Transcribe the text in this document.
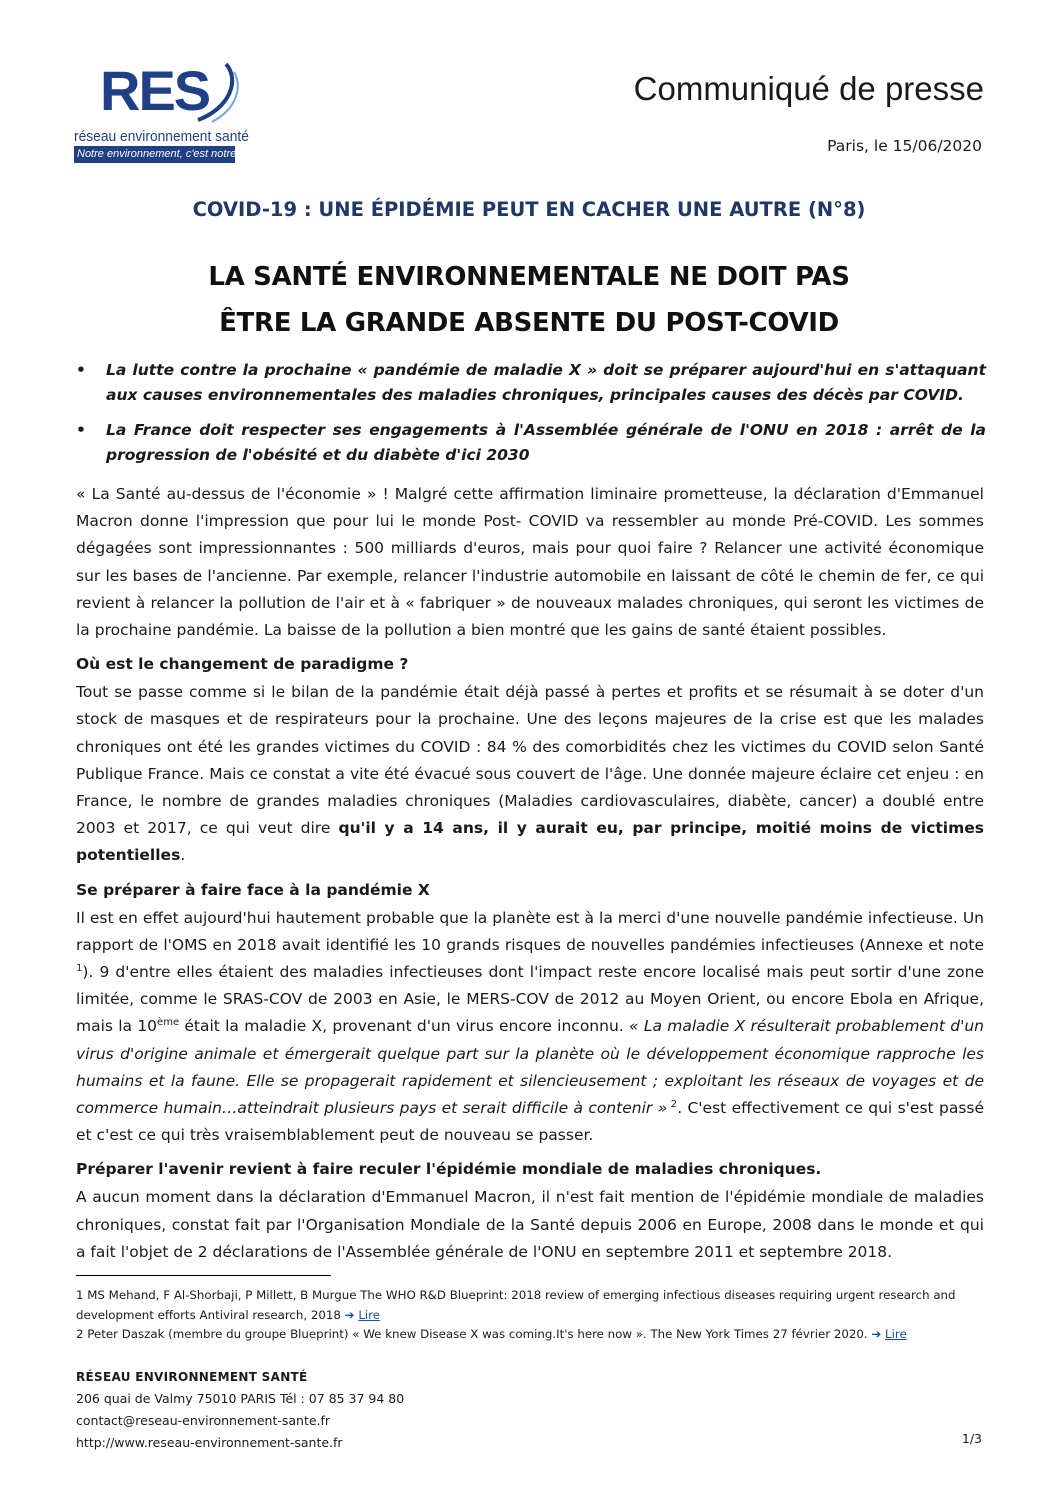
RES
réseau environnement santé
Notre environnement, c'est notre santé
Communiqué de presse
Paris, le 15/06/2020
COVID-19 : UNE ÉPIDÉMIE PEUT EN CACHER UNE AUTRE (N°8)
LA SANTÉ ENVIRONNEMENTALE NE DOIT PAS
ÊTRE LA GRANDE ABSENTE DU POST-COVID
•	La lutte contre la prochaine « pandémie de maladie X » doit se préparer aujourd'hui en s'attaquant aux causes environnementales des maladies chroniques, principales causes des décès par COVID.
•	La France doit respecter ses engagements à l'Assemblée générale de l'ONU en 2018 : arrêt de la progression de l'obésité et du diabète d'ici 2030

« La Santé au-dessus de l'économie » ! Malgré cette affirmation liminaire prometteuse, la déclaration d'Emmanuel Macron donne l'impression que pour lui le monde Post- COVID va ressembler au monde Pré-COVID. Les sommes dégagées sont impressionnantes : 500 milliards d'euros, mais pour quoi faire ? Relancer une activité économique sur les bases de l'ancienne. Par exemple, relancer l'industrie automobile en laissant de côté le chemin de fer, ce qui revient à relancer la pollution de l'air et à « fabriquer » de nouveaux malades chroniques, qui seront les victimes de la prochaine pandémie. La baisse de la pollution a bien montré que les gains de santé étaient possibles.

Où est le changement de paradigme ?

Tout se passe comme si le bilan de la pandémie était déjà passé à pertes et profits et se résumait à se doter d'un stock de masques et de respirateurs pour la prochaine. Une des leçons majeures de la crise est que les malades chroniques ont été les grandes victimes du COVID : 84 % des comorbidités chez les victimes du COVID selon Santé Publique France. Mais ce constat a vite été évacué sous couvert de l'âge. Une donnée majeure éclaire cet enjeu : en France, le nombre de grandes maladies chroniques (Maladies cardiovasculaires, diabète, cancer) a doublé entre 2003 et 2017, ce qui veut dire qu'il y a 14 ans, il y aurait eu, par principe, moitié moins de victimes potentielles.

Se préparer à faire face à la pandémie X

Il est en effet aujourd'hui hautement probable que la planète est à la merci d'une nouvelle pandémie infectieuse. Un rapport de l'OMS en 2018 avait identifié les 10 grands risques de nouvelles pandémies infectieuses (Annexe et note $^1$). 9 d'entre elles étaient des maladies infectieuses dont l'impact reste encore localisé mais peut sortir d'une zone limitée, comme le SRAS-COV de 2003 en Asie, le MERS-COV de 2012 au Moyen Orient, ou encore Ebola en Afrique, mais la 10ème était la maladie X, provenant d'un virus encore inconnu. « La maladie X résulterait probablement d'un virus d'origine animale et émergerait quelque part sur la planète où le développement économique rapproche les humains et la faune. Elle se propagerait rapidement et silencieusement ; exploitant les réseaux de voyages et de commerce humain…atteindrait plusieurs pays et serait difficile à contenir » $^2$. C'est effectivement ce qui s'est passé et c'est ce qui très vraisemblablement peut de nouveau se passer.

Préparer l'avenir revient à faire reculer l'épidémie mondiale de maladies chroniques.

A aucun moment dans la déclaration d'Emmanuel Macron, il n'est fait mention de l'épidémie mondiale de maladies chroniques, constat fait par l'Organisation Mondiale de la Santé depuis 2006 en Europe, 2008 dans le monde et qui a fait l'objet de 2 déclarations de l'Assemblée générale de l'ONU en septembre 2011 et septembre 2018.

1 MS Mehand, F Al-Shorbaji, P Millett, B Murgue The WHO R&D Blueprint: 2018 review of emerging infectious diseases requiring urgent research and development efforts Antiviral research, 2018 ➔ Lire
2 Peter Daszak (membre du groupe Blueprint) « We knew Disease X was coming.It's here now ». The New York Times 27 février 2020. ➔ Lire
RÉSEAU ENVIRONNEMENT SANTÉ
206 quai de Valmy 75010 PARIS Tél : 07 85 37 94 80
contact@reseau-environnement-sante.fr
http://www.reseau-environnement-sante.fr	1/3
